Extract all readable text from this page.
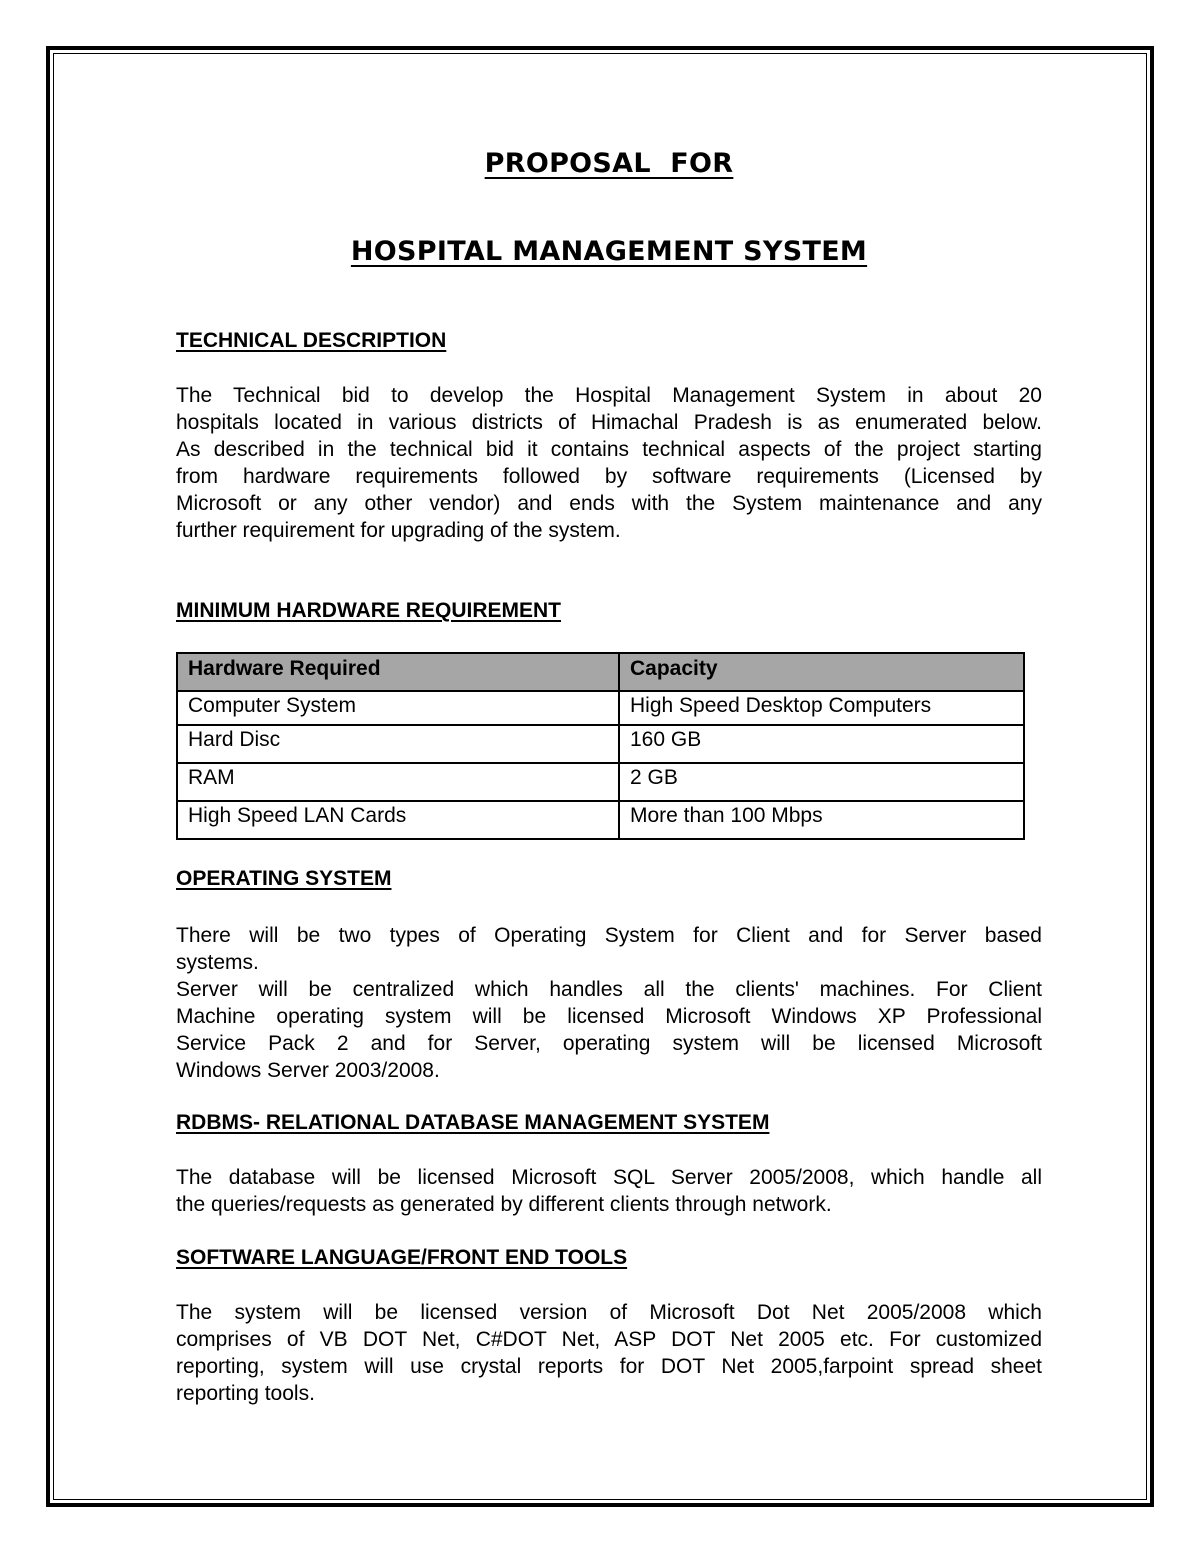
PROPOSAL  FOR
HOSPITAL MANAGEMENT SYSTEM
TECHNICAL DESCRIPTION
The Technical bid to develop the Hospital Management System in about 20
hospitals located in various districts of Himachal Pradesh is as enumerated below.
As described in the technical bid it contains technical aspects of the project starting
from hardware requirements followed by software requirements (Licensed by
Microsoft or any other vendor) and ends with the System maintenance and any
further requirement for upgrading of the system.
MINIMUM HARDWARE REQUIREMENT
Hardware Required	Capacity
Computer System	High Speed Desktop Computers
Hard Disc	160 GB
RAM	2 GB
High Speed LAN Cards	More than 100 Mbps
OPERATING SYSTEM
There will be two types of Operating System for Client and for Server based
systems.
Server will be centralized which handles all the clients' machines. For Client
Machine operating system will be licensed Microsoft Windows XP Professional
Service Pack 2 and for Server, operating system will be licensed Microsoft
Windows Server 2003/2008.
RDBMS- RELATIONAL DATABASE MANAGEMENT SYSTEM
The database will be licensed Microsoft SQL Server 2005/2008, which handle all
the queries/requests as generated by different clients through network.
SOFTWARE LANGUAGE/FRONT END TOOLS
The system will be licensed version of Microsoft Dot Net 2005/2008 which
comprises of VB DOT Net, C#DOT Net, ASP DOT Net 2005 etc. For customized
reporting, system will use crystal reports for DOT Net 2005,farpoint spread sheet
reporting tools.
